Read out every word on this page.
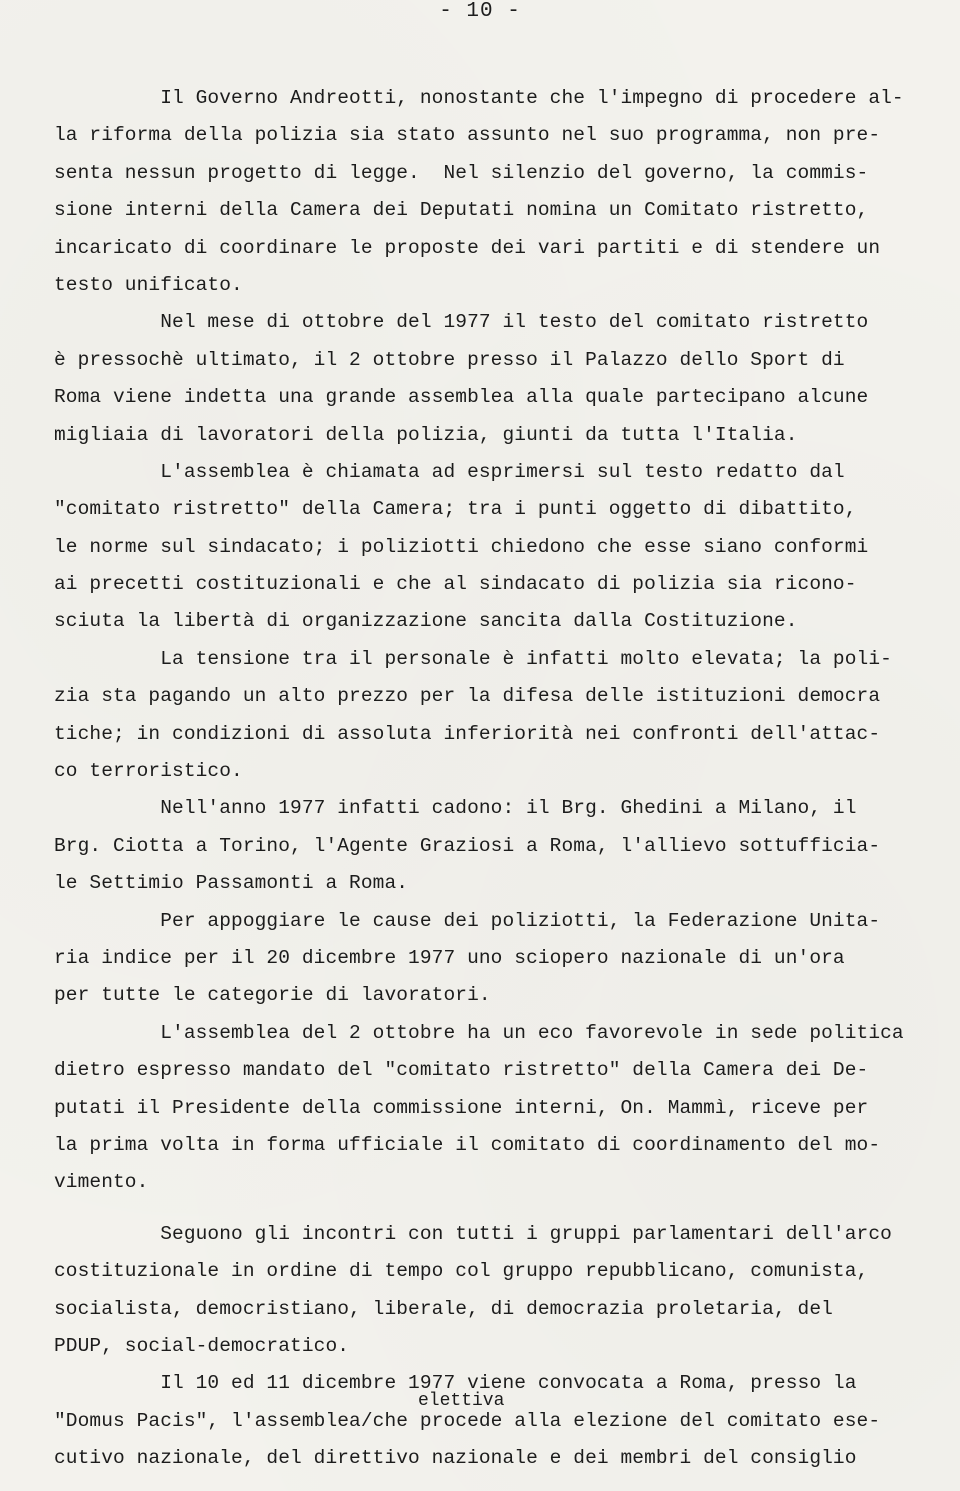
- 10 -
Il Governo Andreotti, nonostante che l'impegno di procedere al-
la riforma della polizia sia stato assunto nel suo programma, non pre-
senta nessun progetto di legge.  Nel silenzio del governo, la commis-
sione interni della Camera dei Deputati nomina un Comitato ristretto,
incaricato di coordinare le proposte dei vari partiti e di stendere un
testo unificato.
Nel mese di ottobre del 1977 il testo del comitato ristretto
è pressochè ultimato, il 2 ottobre presso il Palazzo dello Sport di
Roma viene indetta una grande assemblea alla quale partecipano alcune
migliaia di lavoratori della polizia, giunti da tutta l'Italia.
L'assemblea è chiamata ad esprimersi sul testo redatto dal
"comitato ristretto" della Camera; tra i punti oggetto di dibattito,
le norme sul sindacato; i poliziotti chiedono che esse siano conformi
ai precetti costituzionali e che al sindacato di polizia sia ricono-
sciuta la libertà di organizzazione sancita dalla Costituzione.
La tensione tra il personale è infatti molto elevata; la poli-
zia sta pagando un alto prezzo per la difesa delle istituzioni democra
tiche; in condizioni di assoluta inferiorità nei confronti dell'attac-
co terroristico.
Nell'anno 1977 infatti cadono: il Brg. Ghedini a Milano, il
Brg. Ciotta a Torino, l'Agente Graziosi a Roma, l'allievo sottufficia-
le Settimio Passamonti a Roma.
Per appoggiare le cause dei poliziotti, la Federazione Unita-
ria indice per il 20 dicembre 1977 uno sciopero nazionale di un'ora
per tutte le categorie di lavoratori.
L'assemblea del 2 ottobre ha un eco favorevole in sede politica
dietro espresso mandato del "comitato ristretto" della Camera dei De-
putati il Presidente della commissione interni, On. Mammì, riceve per
la prima volta in forma ufficiale il comitato di coordinamento del mo-
vimento.
Seguono gli incontri con tutti i gruppi parlamentari dell'arco
costituzionale in ordine di tempo col gruppo repubblicano, comunista,
socialista, democristiano, liberale, di democrazia proletaria, del
PDUP, social-democratico.
Il 10 ed 11 dicembre 1977 viene convocata a Roma, presso la
"Domus Pacis", l'assemblea/che procede alla elezione del comitato ese-
cutivo nazionale, del direttivo nazionale e dei membri del consiglio
elettiva
